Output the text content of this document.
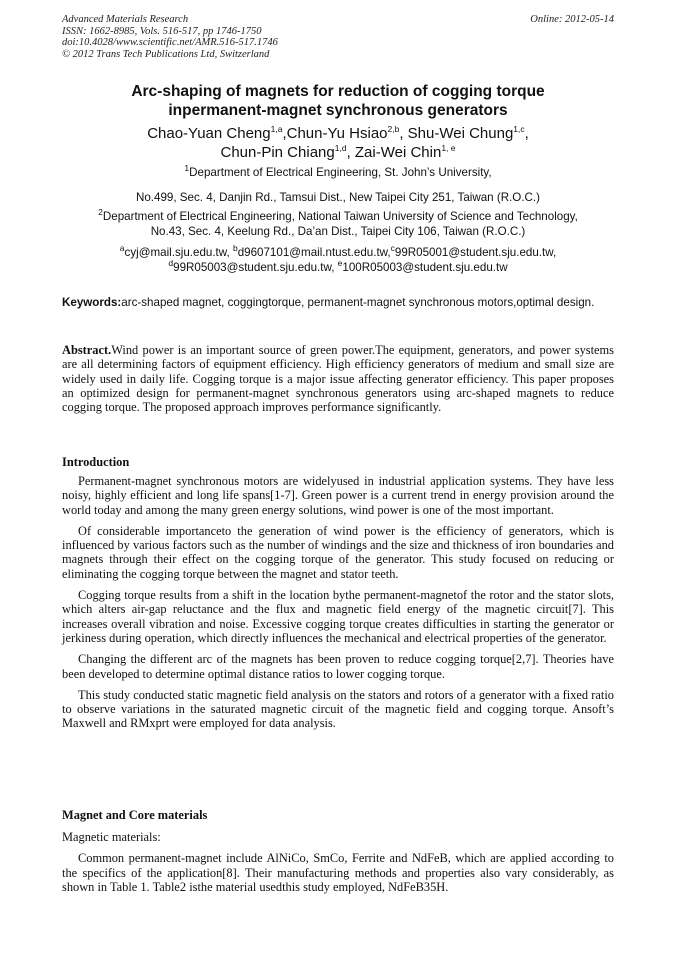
Advanced Materials Research
ISSN: 1662-8985, Vols. 516-517, pp 1746-1750
doi:10.4028/www.scientific.net/AMR.516-517.1746
© 2012 Trans Tech Publications Ltd, Switzerland
Online: 2012-05-14
Arc-shaping of magnets for reduction of cogging torque
inpermanent-magnet synchronous generators
Chao-Yuan Cheng$^{1,a}$,Chun-Yu Hsiao$^{2,b}$, Shu-Wei Chung$^{1,c}$,
Chun-Pin Chiang$^{1,d}$, Zai-Wei Chin$^{1, e}$
$^1$Department of Electrical Engineering, St. John’s University,
No.499, Sec. 4, Danjin Rd., Tamsui Dist., New Taipei City 251, Taiwan (R.O.C.)
$^2$Department of Electrical Engineering, National Taiwan University of Science and Technology,
No.43, Sec. 4, Keelung Rd., Da’an Dist., Taipei City 106, Taiwan (R.O.C.)
$^a$cyj@mail.sju.edu.tw, $^b$d9607101@mail.ntust.edu.tw,$^c$99R05001@student.sju.edu.tw,
$^d$99R05003@student.sju.edu.tw, $^e$100R05003@student.sju.edu.tw
Keywords:arc-shaped magnet, coggingtorque, permanent-magnet synchronous motors,optimal design.
Abstract.Wind power is an important source of green power.The equipment, generators, and power systems are all determining factors of equipment efficiency. High efficiency generators of medium and small size are widely used in daily life. Cogging torque is a major issue affecting generator efficiency. This paper proposes an optimized design for permanent-magnet synchronous generators using arc-shaped magnets to reduce cogging torque. The proposed approach improves performance significantly.
Introduction

Permanent-magnet synchronous motors are widelyused in industrial application systems. They have less noisy, highly efficient and long life spans[1-7]. Green power is a current trend in energy provision around the world today and among the many green energy solutions, wind power is one of the most important.

Of considerable importanceto the generation of wind power is the efficiency of generators, which is influenced by various factors such as the number of windings and the size and thickness of iron boundaries and magnets through their effect on the cogging torque of the generator. This study focused on reducing or eliminating the cogging torque between the magnet and stator teeth.

Cogging torque results from a shift in the location bythe permanent-magnetof the rotor and the stator slots, which alters air-gap reluctance and the flux and magnetic field energy of the magnetic circuit[7]. This increases overall vibration and noise. Excessive cogging torque creates difficulties in starting the generator or jerkiness during operation, which directly influences the mechanical and electrical properties of the generator.

Changing the different arc of the magnets has been proven to reduce cogging torque[2,7]. Theories have been developed to determine optimal distance ratios to lower cogging torque.

This study conducted static magnetic field analysis on the stators and rotors of a generator with a fixed ratio to observe variations in the saturated magnetic circuit of the magnetic field and cogging torque. Ansoft’s Maxwell and RMxprt were employed for data analysis.

Magnet and Core materials

Magnetic materials:

Common permanent-magnet include AlNiCo, SmCo, Ferrite and NdFeB, which are applied according to the specifics of the application[8]. Their manufacturing methods and properties also vary considerably, as shown in Table 1. Table2 isthe material usedthis study employed, NdFeB35H.
